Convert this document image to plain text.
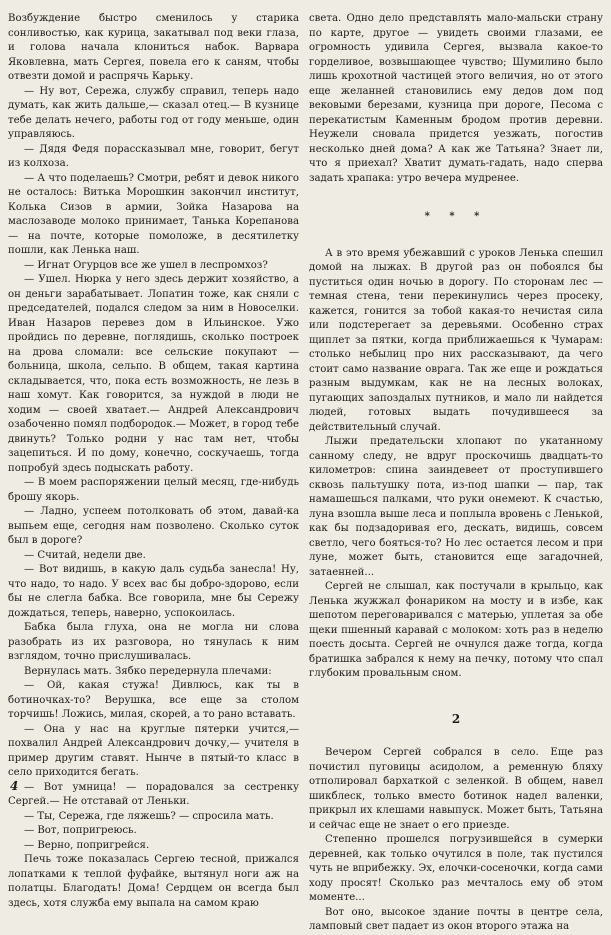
Возбуждение быстро сменилось у старика сонливостью, как курица, закатывал под веки глаза, и голова начала клониться набок. Варвара Яковлевна, мать Сергея, повела его к саням, чтобы отвезти домой и распрячь Карьку.

— Ну вот, Сережа, службу справил, теперь надо думать, как жить дальше,— сказал отец.— В кузнице тебе делать нечего, работы год от году меньше, один управляюсь.

— Дядя Федя порассказывал мне, говорит, бегут из колхоза.

— А что поделаешь? Смотри, ребят и девок никого не осталось: Витька Морошкин закончил институт, Колька Сизов в армии, Зойка Назарова на маслозаводе молоко принимает, Танька Корепанова — на почте, которые помоложе, в десятилетку пошли, как Ленька наш.

— Игнат Огурцов все же ушел в леспромхоз?

— Ушел. Нюрка у него здесь держит хозяйство, а он деньги зарабатывает. Лопатин тоже, как сняли с председателей, подался следом за ним в Новоселки. Иван Назаров перевез дом в Ильинское. Ужо пройдись по деревне, поглядишь, сколько построек на дрова сломали: все сельские покупают — больница, школа, сельпо. В общем, такая картина складывается, что, пока есть возможность, не лезь в наш хомут. Как говорится, за нуждой в люди не ходим — своей хватает.— Андрей Александрович озабоченно помял подбородок.— Может, в город тебе двинуть? Только родни у нас там нет, чтобы зацепиться. И по дому, конечно, соскучаешь, тогда попробуй здесь подыскать работу.

— В моем распоряжении целый месяц, где-нибудь брошу якорь.

— Ладно, успеем потолковать об этом, давай-ка выпьем еще, сегодня нам позволено. Сколько суток был в дороге?

— Считай, недели две.

— Вот видишь, в какую даль судьба занесла! Ну, что надо, то надо. У всех вас бы добро-здорово, если бы не слегла бабка. Все говорила, мне бы Сережу дождаться, теперь, наверно, успокоилась.

Бабка была глуха, она не могла ни слова разобрать из их разговора, но тянулась к ним взглядом, точно прислушивалась.

Вернулась мать. Зябко передернула плечами:

— Ой, какая стужа! Дивлюсь, как ты в ботиночках-то? Верушка, все еще за столом торчишь! Ложись, милая, скорей, а то рано вставать.

— Она у нас на круглые пятерки учится,— похвалил Андрей Александрович дочку,— учителя в пример другим ставят. Нынче в пятый-то класс в село приходится бегать.

— Вот умница! — порадовался за сестренку Сергей.— Не отставай от Леньки.

— Ты, Сережа, где ляжешь? — спросила мать.

— Вот, попригреюсь.

— Верно, попригрейся.

Печь тоже показалась Сергею тесной, прижался лопатками к теплой фуфайке, вытянул ноги аж на полатцы. Благодать! Дома! Сердцем он всегда был здесь, хотя служба ему выпала на самом краю

света. Одно дело представлять мало-мальски страну по карте, другое — увидеть своими глазами, ее огромность удивила Сергея, вызвала какое-то горделивое, возвышающее чувство; Шумилино было лишь крохотной частицей этого величия, но от этого еще желанней становились ему дедов дом под вековыми березами, кузница при дороге, Песома с перекатистым Каменным бродом против деревни. Неужели сновала придется уезжать, погостив несколько дней дома? А как же Татьяна? Знает ли, что я приехал? Хватит думать-гадать, надо сперва задать храпака: утро вечера мудренее.

* * *

А в это время убежавший с уроков Ленька спешил домой на лыжах. В другой раз он побоялся бы пуститься один ночью в дорогу. По сторонам лес — темная стена, тени перекинулись через просеку, кажется, гонится за тобой какая-то нечистая сила или подстерегает за деревьями. Особенно страх щиплет за пятки, когда приближаешься к Чумарам: столько небылиц про них рассказывают, да чего стоит само название оврага. Так же еще и рождаться разным выдумкам, как не на лесных волоках, пугающих запоздалых путников, и мало ли найдется людей, готовых выдать почудившееся за действительный случай.

Лыжи предательски хлопают по укатанному санному следу, не вдруг проскочишь двадцать-то километров: спина заиндевеет от проступившего сквозь пальтушку пота, из-под шапки — пар, так намашешься палками, что руки онемеют. К счастью, луна взошла выше леса и поплыла вровень с Ленькой, как бы подзадоривая его, дескать, видишь, совсем светло, чего бояться-то? Но лес остается лесом и при луне, может быть, становится еще загадочней, затаенней...

Сергей не слышал, как постучали в крыльцо, как Ленька жужжал фонариком на мосту и в избе, как шепотом переговаривался с матерью, уплетая за обе щеки пшенный каравай с молоком: хоть раз в неделю поесть досыта. Сергей не очнулся даже тогда, когда братишка забрался к нему на печку, потому что спал глубоким провальным сном.

2

Вечером Сергей собрался в село. Еще раз почистил пуговицы асидолом, а ременную бляху отполировал бархаткой с зеленкой. В общем, навел шикблеск, только вместо ботинок надел валенки, прикрыл их клешами навыпуск. Может быть, Татьяна и сейчас еще не знает о его приезде.

Степенно прошелся погрузившейся в сумерки деревней, как только очутился в поле, так пустился чуть не вприбежку. Эх, елочки-сосеночки, когда сами ходу просят! Сколько раз мечталось ему об этом моменте...

Вот оно, высокое здание почты в центре села, ламповый свет падает из окон второго этажа на

4
